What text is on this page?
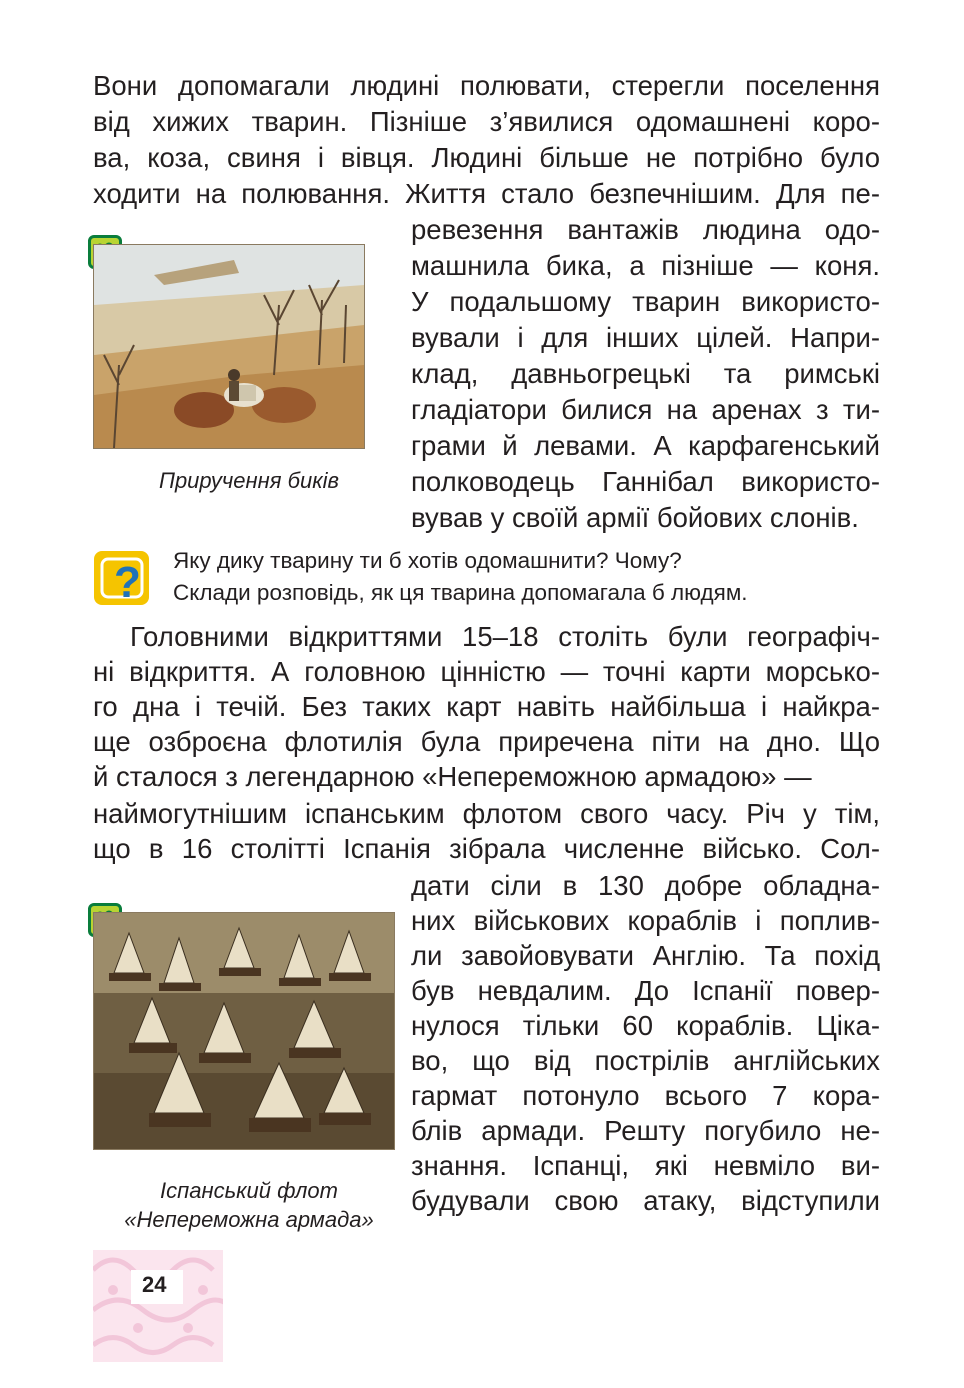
Вони допомагали людині полювати, стерегли поселення
від хижих тварин. Пізніше з’явилися одомашнені коро-
ва, коза, свиня і вівця. Людині більше не потрібно було
ходити на полювання. Життя стало безпечнішим. Для пе-
ревезення вантажів людина одо-
машнила бика, а пізніше — коня.
У подальшому тварин використо-
вували і для інших цілей. Напри-
клад, давньогрецькі та римські
гладіатори билися на аренах з ти-
грами й левами. А карфагенський
полководець Ганнібал використо-
вував у своїй армії бойових слонів.
Приручення биків
? Яку дику тварину ти б хотів одомашнити? Чому?
Склади розповідь, як ця тварина допомагала б людям.
Головними відкриттями 15–18 століть були географіч-
ні відкриття. А головною цінністю — точні карти морсько-
го дна і течій. Без таких карт навіть найбільша і найкра-
ще озброєна флотилія була приречена піти на дно. Що
й сталося з легендарною «Непереможною армадою» —
наймогутнішим іспанським флотом свого часу. Річ у тім,
що в 16 столітті Іспанія зібрала численне військо. Сол-
дати сіли в 130 добре обладна-
них військових кораблів і поплив-
ли завойовувати Англію. Та похід
був невдалим. До Іспанії повер-
нулося тільки 60 кораблів. Ціка-
во, що від пострілів англійських
гармат потонуло всього 7 кора-
блів армади. Решту погубило не-
знання. Іспанці, які невміло ви-
будували свою атаку, відступили
Іспанський флот
«Непереможна армада»
24
